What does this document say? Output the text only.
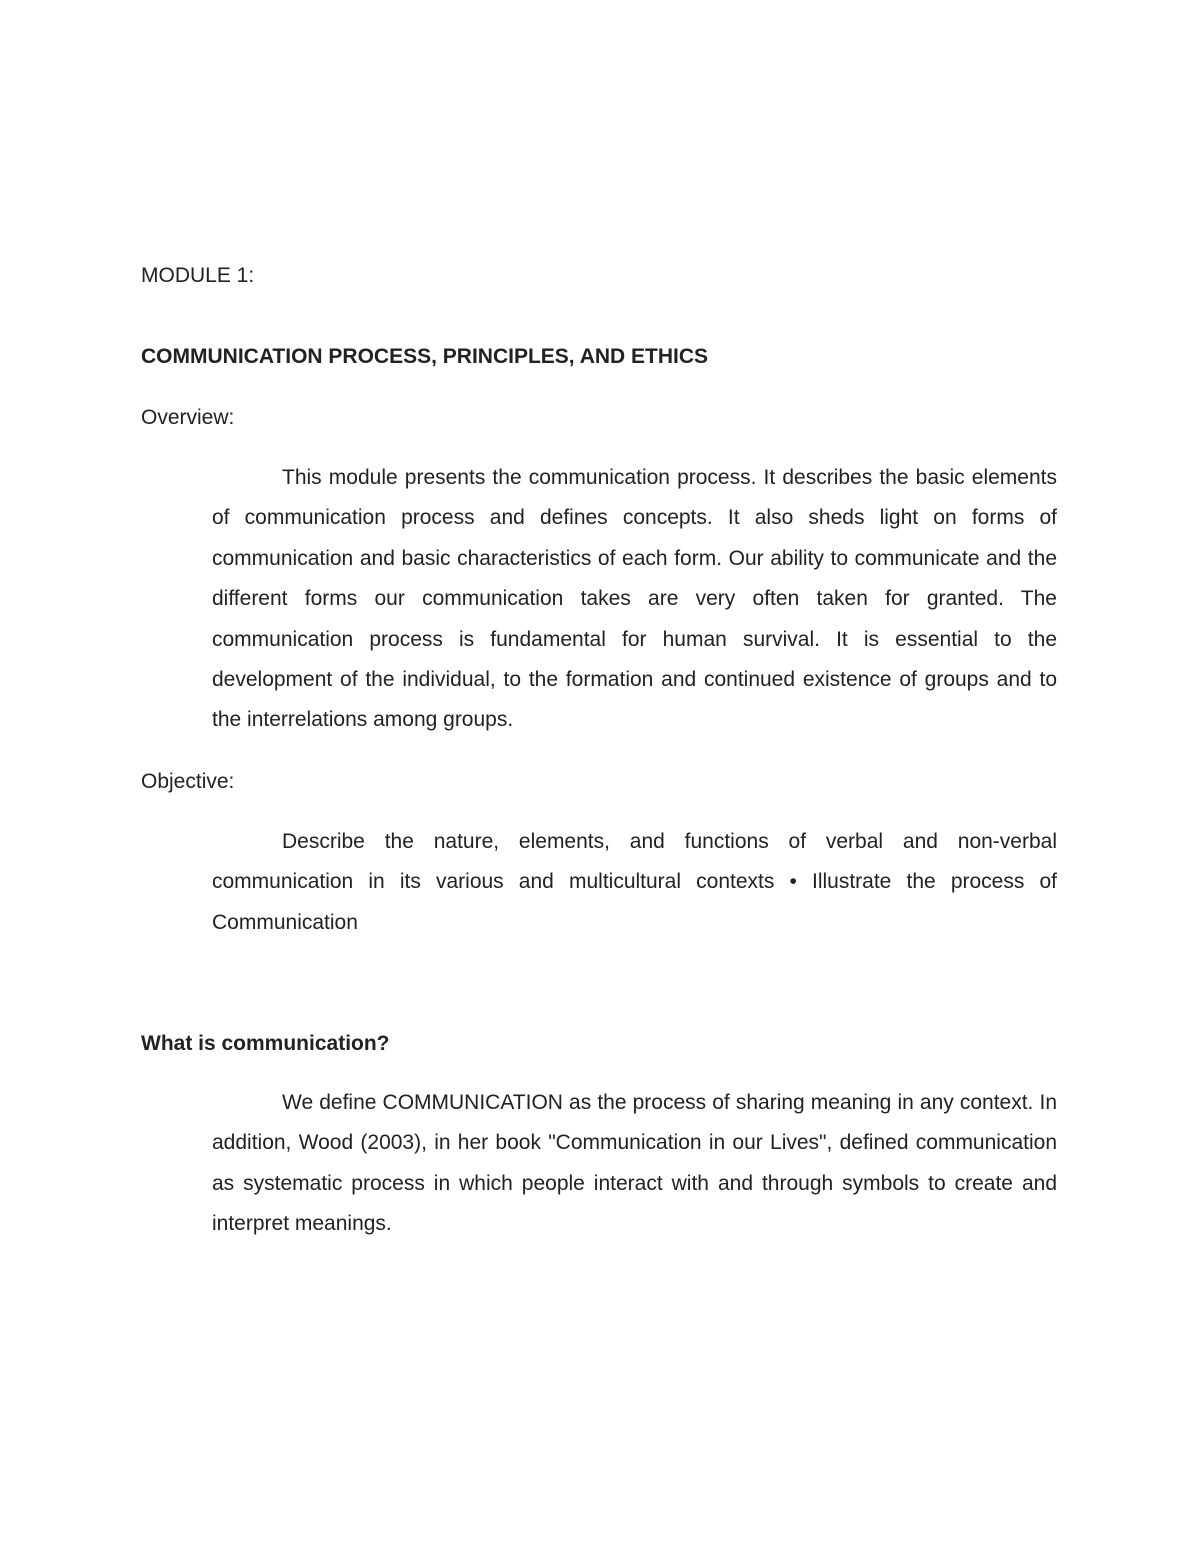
MODULE 1:

COMMUNICATION PROCESS, PRINCIPLES, AND ETHICS

Overview:

This module presents the communication process. It describes the basic elements of communication process and defines concepts. It also sheds light on forms of communication and basic characteristics of each form. Our ability to communicate and the different forms our communication takes are very often taken for granted. The communication process is fundamental for human survival. It is essential to the development of the individual, to the formation and continued existence of groups and to the interrelations among groups.

Objective:

Describe the nature, elements, and functions of verbal and non-verbal communication in its various and multicultural contexts • Illustrate the process of Communication

What is communication?

We define COMMUNICATION as the process of sharing meaning in any context. In addition, Wood (2003), in her book "Communication in our Lives", defined communication as systematic process in which people interact with and through symbols to create and interpret meanings.
